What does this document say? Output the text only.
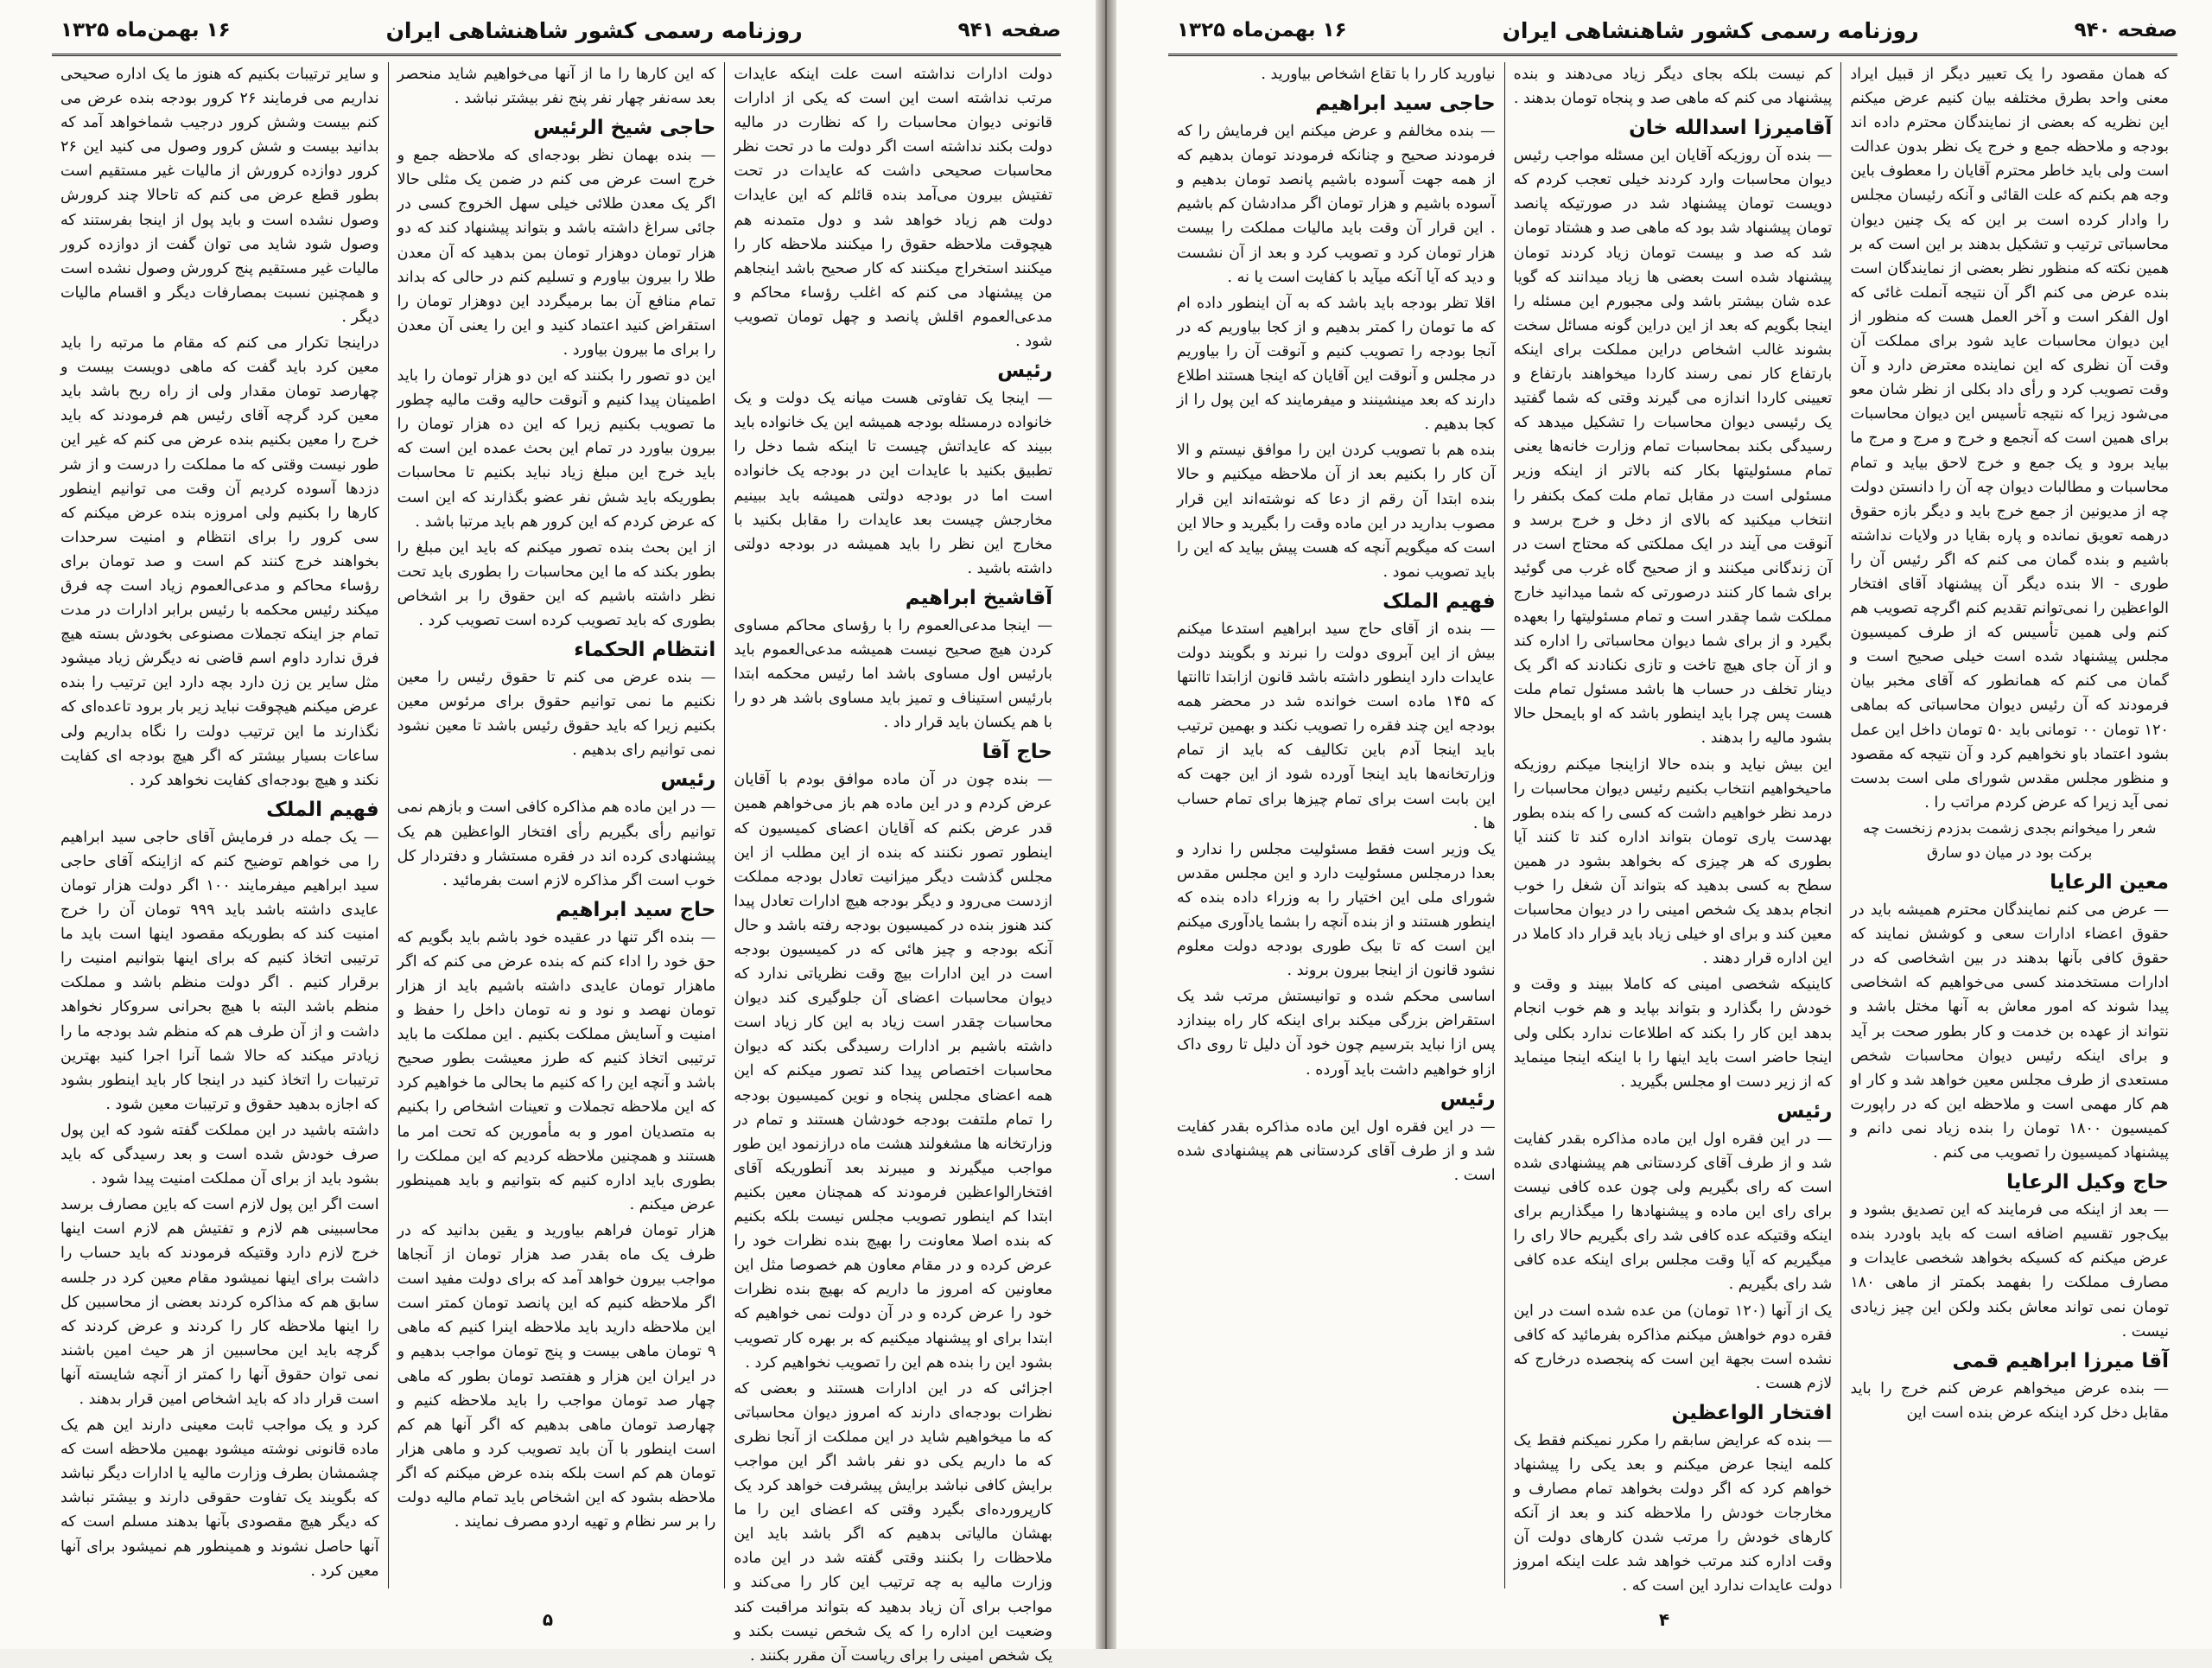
صفحه ۹۴۱
روزنامه رسمی کشور شاهنشاهی ایران
۱۶ بهمن‌ماه ۱۳۲۵

دولت ادارات نداشته است علت اینکه عایدات مرتب نداشته است این است که یکی از ادارات قانونی دیوان محاسبات را که نظارت در مالیه دولت بکند نداشته است اگر دولت ما در تحت نظر محاسبات صحیحی داشت که عایدات در تحت تفتیش بیرون می‌آمد بنده قائلم که این عایدات دولت هم زیاد خواهد شد و دول متمدنه هم هیچوقت ملاحظه حقوق را میکنند ملاحظه کار را میکنند استخراج میکنند که کار صحیح باشد اینجاهم من پیشنهاد می کنم که اغلب رؤساء محاکم و مدعی‌العموم اقلش پانصد و چهل تومان تصویب شود .

رئیس

— اینجا یک تفاوتی هست میانه یک دولت و یک خانواده درمسئله بودجه همیشه این یک خانواده باید ببیند که عایداتش چیست تا اینکه شما دخل را تطبیق بکنید با عایدات این در بودجه یک خانواده است اما در بودجه دولتی همیشه باید ببینیم مخارجش چیست بعد عایدات را مقابل بکنید با مخارج این نظر را باید همیشه در بودجه دولتی داشته باشید .

آقاشیخ ابراهیم

— اینجا مدعی‌العموم را با رؤسای محاکم مساوی کردن هیچ صحیح نیست همیشه مدعی‌العموم باید بارئیس اول مساوی باشد اما رئیس محکمه ابتدا بارئیس استیناف و تمیز باید مساوی باشد هر دو را با هم یکسان باید قرار داد .

حاج آقا

— بنده چون در آن ماده موافق بودم با آقایان عرض کردم و در این ماده هم باز می‌خواهم همین قدر عرض بکنم که آقایان اعضای کمیسیون که اینطور تصور نکنند که بنده از این مطلب از این مجلس گذشت دیگر میزانیت تعادل بودجه مملکت ازدست می‌رود و دیگر بودجه هیچ ادارات تعادل پیدا کند هنوز بنده در کمیسیون بودجه رفته باشد و حال آنکه بودجه و چیز هائی که در کمیسیون بودجه است در این ادارات بیچ وقت نظریاتی ندارد که دیوان محاسبات اعضای آن جلوگیری کند دیوان محاسبات چقدر است زیاد به این کار زیاد است داشته باشیم بر ادارات رسیدگی بکند که دیوان محاسبات اختصاص پیدا کند تصور میکنم که این همه اعضای مجلس پنجاه و نوین کمیسیون بودجه را تمام ملتفت بودجه خودشان هستند و تمام در وزارتخانه ها مشغولند هشت ماه درازنمود این طور مواجب میگیرند و میبرند بعد آنطوریکه آقای افتخارالواعظین فرمودند که همچنان معین بکنیم ابتدا کم اینطور تصویب مجلس نیست بلکه بکنیم که بنده اصلا معاونت را بهیچ بنده نظرات خود را عرض کرده و در مقام معاون هم خصوصا مثل این معاونین که امروز ما داریم که بهیچ بنده نظرات خود را عرض کرده و در آن دولت نمی خواهیم که ابتدا برای او پیشنهاد میکنیم که بر بهره کار تصویب بشود این را بنده هم این را تصویب نخواهیم کرد .

اجزائی که در این ادارات هستند و بعضی که نظرات بودجه‌ای دارند که امروز دیوان محاسباتی که ما میخواهیم شاید در این مملکت از آنجا نظری که ما داریم یکی دو نفر باشد اگر این مواجب برایش کافی نباشد برایش پیشرفت خواهد کرد یک کارپرورده‌ای بگیرد وقتی که اعضای این را ما بهشان مالیاتی بدهیم که اگر باشد باید این ملاحظات را بکنند وقتی گفته شد در این ماده وزارت مالیه به چه ترتیب این کار را می‌کند و مواجب برای آن زیاد بدهید که بتواند مراقبت کند وضعیت این اداره را که یک شخص نیست بکند و یک شخص امینی را برای ریاست آن مقرر بکنند .

که این کارها را ما از آنها می‌خواهیم شاید منحصر بعد سه‌نفر چهار نفر پنج نفر بیشتر نباشد .

حاجی شیخ الرئیس

— بنده بهمان نظر بودجه‌ای که ملاحظه جمع و خرج است عرض می کنم در ضمن یک مثلی حالا اگر یک معدن طلائی خیلی سهل الخروج کسی در جائی سراغ داشته باشد و بتواند پیشنهاد کند که دو هزار تومان دوهزار تومان بمن بدهید که آن معدن طلا را بیرون بیاورم و تسلیم کنم در حالی که بداند تمام منافع آن بما برمیگردد این دوهزار تومان را استقراض کنید اعتماد کنید و این را یعنی آن معدن را برای ما بیرون بیاورد .

این دو تصور را بکنند که این دو هزار تومان را باید اطمینان پیدا کنیم و آنوقت حالیه وقت مالیه چطور ما تصویب بکنیم زیرا که این ده هزار تومان را بیرون بیاورد در تمام این بحث عمده این است که باید خرج این مبلغ زیاد نباید بکنیم تا محاسبات بطوریکه باید شش نفر عضو بگذارند که این است که عرض کردم که این کرور هم باید مرتبا باشد .

از این بحث بنده تصور میکنم که باید این مبلغ را بطور بکند که ما این محاسبات را بطوری باید تحت نظر داشته باشیم که این حقوق را بر اشخاص بطوری که باید تصویب کرده است تصویب کرد .

انتظام الحکماء

— بنده عرض می کنم تا حقوق رئیس را معین نکنیم ما نمی توانیم حقوق برای مرئوس معین بکنیم زیرا که باید حقوق رئیس باشد تا معین نشود نمی توانیم رای بدهیم .

رئیس

— در این ماده هم مذاکره کافی است و بازهم نمی توانیم رأی بگیریم رأی افتخار الواعظین هم یک پیشنهادی کرده اند در فقره مستشار و دفتردار کل خوب است اگر مذاکره لازم است بفرمائید .

حاج سید ابراهیم

— بنده اگر تنها در عقیده خود باشم باید بگویم که حق خود را اداء کنم که بنده عرض می کنم که اگر ماهزار تومان عایدی داشته باشیم باید از هزار تومان نهصد و نود و نه تومان داخل را حفظ و امنیت و آسایش مملکت بکنیم . این مملکت ما باید ترتیبی اتخاذ کنیم که طرز معیشت بطور صحیح باشد و آنچه این را که کنیم ما بحالی ما خواهیم کرد که این ملاحظه تجملات و تعینات اشخاص را بکنیم به متصدیان امور و به مأمورین که تحت امر ما هستند و همچنین ملاحظه کردیم که این مملکت را بطوری باید اداره کنیم که بتوانیم و باید همینطور عرض میکنم .

هزار تومان فراهم بیاورید و یقین بدانید که در ظرف یک ماه بقدر صد هزار تومان از آنجاها مواجب بیرون خواهد آمد که برای دولت مفید است اگر ملاحظه کنیم که این پانصد تومان کمتر است این ملاحظه دارید باید ملاحظه اینرا کنیم که ماهی ۹ تومان ماهی بیست و پنج تومان مواجب بدهیم و در ایران این هزار و هفتصد تومان بطور که ماهی چهار صد تومان مواجب را باید ملاحظه کنیم و چهارصد تومان ماهی بدهیم که اگر آنها هم کم است اینطور با آن باید تصویب کرد و ماهی هزار تومان هم کم است بلکه بنده عرض میکنم که اگر ملاحظه بشود که این اشخاص باید تمام مالیه دولت را بر سر نظام و تهیه اردو مصرف نمایند .

و سایر ترتیبات بکنیم که هنوز ما یک اداره صحیحی نداریم می فرمایند ۲۶ کرور بودجه بنده عرض می کنم بیست وشش کرور درجیب شماخواهد آمد که بدانید بیست و شش کرور وصول می کنید این ۲۶ کرور دوازده کرورش از مالیات غیر مستقیم است بطور قطع عرض می کنم که تاحالا چند کرورش وصول نشده است و باید پول از اینجا بفرستند که وصول شود شاید می توان گفت از دوازده کرور مالیات غیر مستقیم پنج کرورش وصول نشده است و همچنین نسبت بمصارفات دیگر و اقسام مالیات دیگر .

دراینجا تکرار می کنم که مقام ما مرتبه را باید معین کرد باید گفت که ماهی دویست بیست و چهارصد تومان مقدار ولی از راه ربح باشد باید معین کرد گرچه آقای رئیس هم فرمودند که باید خرج را معین بکنیم بنده عرض می کنم که غیر این طور نیست وقتی که ما مملکت را درست و از شر دزدها آسوده کردیم آن وقت می توانیم اینطور کارها را بکنیم ولی امروزه بنده عرض میکنم که سی کرور را برای انتظام و امنیت سرحدات بخواهند خرج کنند کم است و صد تومان برای رؤساء محاکم و مدعی‌العموم زیاد است چه فرق میکند رئیس محکمه با رئیس برابر ادارات در مدت تمام جز اینکه تجملات مصنوعی بخودش بسته هیچ فرق ندارد داوم اسم قاضی نه دیگرش زیاد میشود مثل سایر ین زن دارد بچه دارد این ترتیب را بنده عرض میکنم هیچوقت نباید زیر بار برود تاعده‌ای که نگذارند ما این ترتیب دولت را نگاه بداریم ولی ساعات بسیار بیشتر که اگر هیچ بودجه ای کفایت نکند و هیچ بودجه‌ای کفایت نخواهد کرد .

فهیم الملک

— یک جمله در فرمایش آقای حاجی سید ابراهیم را می خواهم توضیح کنم که ازاینکه آقای حاجی سید ابراهیم میفرمایند ۱۰۰ اگر دولت هزار تومان عایدی داشته باشد باید ۹۹۹ تومان آن را خرج امنیت کند که بطوریکه مقصود اینها است باید ما ترتیبی اتخاذ کنیم که برای اینها بتوانیم امنیت را برقرار کنیم . اگر دولت منظم باشد و مملکت منظم باشد البته با هیچ بحرانی سروکار نخواهد داشت و از آن طرف هم که منظم شد بودجه ما را زیادتر میکند که حالا شما آنرا اجرا کنید بهترین ترتیبات را اتخاذ کنید در اینجا کار باید اینطور بشود که اجازه بدهید حقوق و ترتیبات معین شود .

داشته باشید در این مملکت گفته شود که این پول صرف خودش شده است و بعد رسیدگی که باید بشود باید از برای آن مملکت امنیت پیدا شود .

است اگر این پول لازم است که باین مصارف برسد محاسبینی هم لازم و تفتیش هم لازم است اینها خرج لازم دارد وقتیکه فرمودند که باید حساب را داشت برای اینها نمیشود مقام معین کرد در جلسه سابق هم که مذاکره کردند بعضی از محاسبین کل را اینها ملاحظه کار را کردند و عرض کردند که گرچه باید این محاسبین از هر حیث امین باشند نمی توان حقوق آنها را کمتر از آنچه شایسته آنها است قرار داد که باید اشخاص امین قرار بدهند .

کرد و یک مواجب ثابت معینی دارند این هم یک ماده قانونی نوشته میشود بهمین ملاحظه است که چشمشان بطرف وزارت مالیه یا ادارات دیگر نباشد که بگویند یک تفاوت حقوقی دارند و بیشتر نباشد که دیگر هیچ مقصودی بآنها بدهند مسلم است که آنها حاصل نشوند و همینطور هم نمیشود برای آنها معین کرد .

۵
صفحه ۹۴۰
روزنامه رسمی کشور شاهنشاهی ایران
۱۶ بهمن‌ماه ۱۳۲۵

که همان مقصود را یک تعبیر دیگر از قبیل ایراد معنی واحد بطرق مختلفه بیان کنیم عرض میکنم این نظریه که بعضی از نمایندگان محترم داده اند بودجه و ملاحظه جمع و خرج یک نظر بدون عدالت است ولی باید خاطر محترم آقایان را معطوف باین وجه هم بکنم که علت القائی و آنکه رئیسان مجلس را وادار کرده است بر این که یک چنین دیوان محاسباتی ترتیب و تشکیل بدهند بر این است که بر همین نکته که منظور نظر بعضی از نمایندگان است بنده عرض می کنم اگر آن نتیجه آنملت غائی که اول الفکر است و آخر العمل هست که منظور از این دیوان محاسبات عاید شود برای مملکت آن وقت آن نظری که این نماینده معترض دارد و آن وقت تصویب کرد و رأی داد بکلی از نظر شان معو می‌شود زیرا که نتیجه تأسیس این دیوان محاسبات برای همین است که آنجمع و خرج و مرج و مرج ما بیاید برود و یک جمع و خرج لاحق بیاید و تمام محاسبات و مطالبات دیوان چه آن را دانستن دولت چه از مدیونین از جمع خرج باید و دیگر بازه حقوق درهمه تعویق نمانده و پاره بقایا در ولایات نداشته باشیم و بنده گمان می کنم که اگر رئیس آن را طوری - الا بنده دیگر آن پیشنهاد آقای افتخار الواعظین را نمی‌توانم تقدیم کنم اگرچه تصویب هم کنم ولی همین تأسیس که از طرف کمیسیون مجلس پیشنهاد شده است خیلی صحیح است و گمان می کنم که همانطور که آقای مخبر بیان فرمودند که آن رئیس دیوان محاسباتی که بماهی ۱۲۰ تومان ۰۰ تومانی باید ۵۰ تومان داخل این عمل بشود اعتماد باو نخواهیم کرد و آن نتیجه که مقصود و منظور مجلس مقدس شورای ملی است بدست نمی آید زیرا که عرض کردم مراتب را .

شعر را میخوانم بجدی زشمت بدزدم زنخست چه برکت بود در میان دو سارق

معین الرعایا

— عرض می کنم نمایندگان محترم همیشه باید در حقوق اعضاء ادارات سعی و کوشش نمایند که حقوق کافی بآنها بدهند در بین اشخاصی که در ادارات مستخدمند کسی می‌خواهیم که اشخاصی پیدا شوند که امور معاش به آنها مختل باشد و نتواند از عهده بن خدمت و کار بطور صحت بر آید و برای اینکه رئیس دیوان محاسبات شخص مستعدی از طرف مجلس معین خواهد شد و کار او هم کار مهمی است و ملاحظه این که در راپورت کمیسیون ۱۸۰۰ تومان را بنده زیاد نمی دانم و پیشنهاد کمیسیون را تصویب می کنم .

حاج وکیل الرعایا

— بعد از اینکه می فرمایند که این تصدیق بشود و بیک‌جور تقسیم اضافه است که باید باودرد بنده عرض میکنم که کسیکه بخواهد شخصی عایدات و مصارف مملکت را بفهمد بکمتر از ماهی ۱۸۰ تومان نمی تواند معاش بکند ولکن این چیز زیادی نیست .

آقا میرزا ابراهیم قمی

— بنده عرض میخواهم عرض کنم خرج را باید مقابل دخل کرد اینکه عرض بنده است این

کم نیست بلکه بجای دیگر زیاد می‌دهند و بنده پیشنهاد می کنم که ماهی صد و پنجاه تومان بدهند .

آقامیرزا اسدالله خان

— بنده آن روزیکه آقایان این مسئله مواجب رئیس دیوان محاسبات وارد کردند خیلی تعجب کردم که دویست تومان پیشنهاد شد در صورتیکه پانصد تومان پیشنهاد شد بود که ماهی صد و هشتاد تومان شد که صد و بیست تومان زیاد کردند تومان پیشنهاد شده است بعضی ها زیاد میدانند که گویا عده شان بیشتر باشد ولی مجبورم این مسئله را اینجا بگویم که بعد از این دراین گونه مسائل سخت بشوند غالب اشخاص دراین مملکت برای اینکه بارتفاع کار نمی رسند کاردا میخواهند بارتفاع و تعیینی کاردا اندازه می گیرند وقتی که شما گفتید یک رئیسی دیوان محاسبات را تشکیل میدهد که رسیدگی بکند بمحاسبات تمام وزارت خانه‌ها یعنی تمام مسئولیتها بکار کنه بالاتر از اینکه وزیر مسئولی است در مقابل تمام ملت کمک بکنفر را انتخاب میکنید که بالای از دخل و خرج برسد و آنوقت می آیند در ایک مملکتی که محتاج است در آن زندگانی میکنند و از صحیح گاه غرب می گوئید برای شما کار کنند درصورتی که شما میدانید خارج مملکت شما چقدر است و تمام مسئولیتها را بعهده بگیرد و از برای شما دیوان محاسباتی را اداره کند و از آن جای هیچ تاخت و تازی نکنادند که اگر یک دینار تخلف در حساب ها باشد مسئول تمام ملت هست پس چرا باید اینطور باشد که او بایمحل حالا بشود مالیه را بدهند .

این بیش نیاید و بنده حالا ازاینجا میکنم روزیکه ماحیخواهیم انتخاب بکنیم رئیس دیوان محاسبات را درمد نظر خواهیم داشت که کسی را که بنده بطور بهدست یاری تومان بتواند اداره کند تا کنند آیا بطوری که هر چیزی که بخواهد بشود در همین سطح به کسی بدهید که بتواند آن شغل را خوب انجام بدهد یک شخص امینی را در دیوان محاسبات معین کند و برای او خیلی زیاد باید قرار داد کاملا در این اداره قرار دهند .

کاینیکه شخصی امینی که کاملا ببیند و وقت و خودش را بگذارد و بتواند بپاید و هم خوب انجام بدهد این کار را بکند که اطلاعات ندارد بکلی ولی اینجا حاضر است باید اینها را با اینکه اینجا مینماید که از زیر دست او مجلس بگیرید .

رئیس

— در این فقره اول این ماده مذاکره بقدر کفایت شد و از طرف آقای کردستانی هم پیشنهادی شده است که رای بگیریم ولی چون عده کافی نیست برای رای این ماده و پیشنهادها را میگذاریم برای اینکه وقتیکه عده کافی شد رای بگیریم حالا رای را میگیریم که آیا وقت مجلس برای اینکه عده کافی شد رای بگیریم .

یک از آنها (۱۲۰ تومان) من عده شده است در این فقره دوم خواهش میکنم مذاکره بفرمائید که کافی نشده است بجهة این است که پنجصده درخارج که لازم هست .

افتخار الواعظین

— بنده که عرایض سابقم را مکرر نمیکنم فقط یک کلمه اینجا عرض میکنم و بعد یکی را پیشنهاد خواهم کرد که اگر دولت بخواهد تمام مصارف و مخارجات خودش را ملاحظه کند و بعد از آنکه کارهای خودش را مرتب شدن کارهای دولت آن وقت اداره کند مرتب خواهد شد علت اینکه امروز دولت عایدات ندارد این است که .

نیاورید کار را با تقاع اشخاص بیاورید .

حاجی سید ابراهیم

— بنده مخالفم و عرض میکنم این فرمایش را که فرمودند صحیح و چنانکه فرمودند تومان بدهیم که از همه جهت آسوده باشیم پانصد تومان بدهیم و آسوده باشیم و هزار تومان اگر مدادشان کم باشیم . این قرار آن وقت باید مالیات مملکت را بیست هزار تومان کرد و تصویب کرد و بعد از آن نشست و دید که آیا آنکه میآید با کفایت است یا نه .

اقلا تظر بودجه باید باشد که به آن اینطور داده ام که ما تومان را کمتر بدهیم و از کجا بیاوریم که در آنجا بودجه را تصویب کنیم و آنوقت آن را بیاوریم در مجلس و آنوقت این آقایان که اینجا هستند اطلاع دارند که بعد مینشینند و میفرمایند که این پول را از کجا بدهیم .

بنده هم با تصویب کردن این را موافق نیستم و الا آن کار را بکنیم بعد از آن ملاحظه میکنیم و حالا بنده ابتدا آن رقم از دعا که نوشته‌اند این قرار مصوب بدارید در این ماده وقت را بگیرید و حالا این است که میگویم آنچه که هست پیش بیاید که این را باید تصویب نمود .

فهیم الملک

— بنده از آقای حاج سید ابراهیم استدعا میکنم بیش از این آبروی دولت را نبرند و بگویند دولت عایدات دارد اینطور داشته باشد قانون ازابتدا تاانتها که ۱۴۵ ماده است خوانده شد در محضر همه بودجه این چند فقره را تصویب نکند و بهمین ترتیب باید اینجا آدم باین تکالیف که باید از تمام وزارتخانه‌ها باید اینجا آورده شود از این جهت که این بابت است برای تمام چیزها برای تمام حساب ها .

یک وزیر است فقط مسئولیت مجلس را ندارد و بعدا درمجلس مسئولیت دارد و این مجلس مقدس شورای ملی این اختیار را به وزراء داده بنده که اینطور هستند و از بنده آنچه را بشما یادآوری میکنم این است که تا بیک طوری بودجه دولت معلوم نشود قانون از اینجا بیرون بروند .

اساسی محکم شده و توانیستش مرتب شد یک استقراض بزرگی میکند برای اینکه کار راه بیندازد پس ازا نباید بترسیم چون خود آن دلیل تا روی داک ازاو خواهیم داشت باید آورده .

رئیس

— در این فقره اول این ماده مذاکره بقدر کفایت شد و از طرف آقای کردستانی هم پیشنهادی شده است .

۴
